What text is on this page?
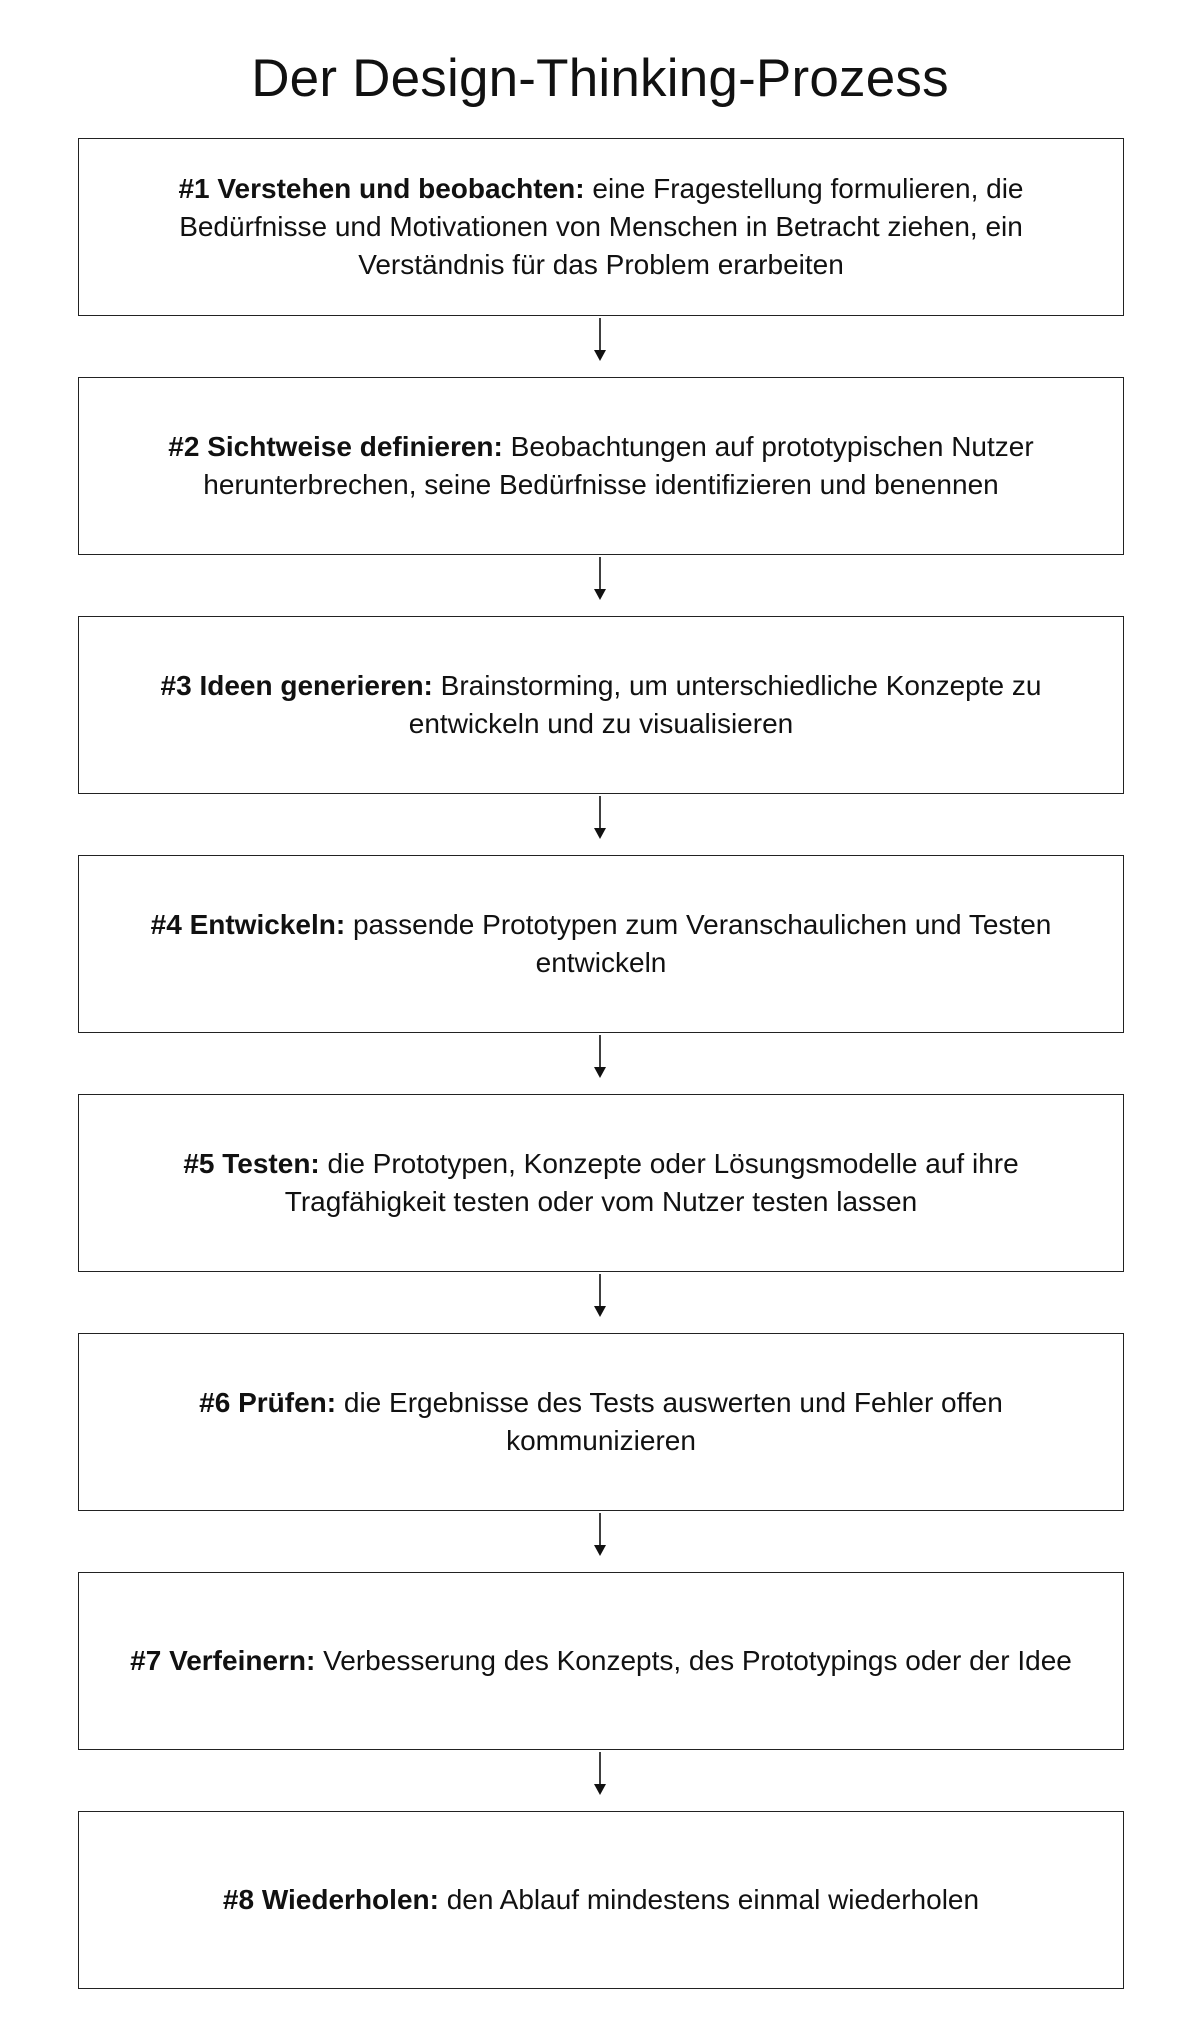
Der Design-Thinking-Prozess
#1 Verstehen und beobachten: eine Fragestellung formulieren, die Bedürfnisse und Motivationen von Menschen in Betracht ziehen, ein Verständnis für das Problem erarbeiten
#2 Sichtweise definieren: Beobachtungen auf prototypischen Nutzer herunterbrechen, seine Bedürfnisse identifizieren und benennen
#3 Ideen generieren: Brainstorming, um unterschiedliche Konzepte zu entwickeln und zu visualisieren
#4 Entwickeln: passende Prototypen zum Veranschaulichen und Testen entwickeln
#5 Testen: die Prototypen, Konzepte oder Lösungsmodelle auf ihre Tragfähigkeit testen oder vom Nutzer testen lassen
#6 Prüfen: die Ergebnisse des Tests auswerten und Fehler offen kommunizieren
#7 Verfeinern: Verbesserung des Konzepts, des Prototypings oder der Idee
#8 Wiederholen: den Ablauf mindestens einmal wiederholen
